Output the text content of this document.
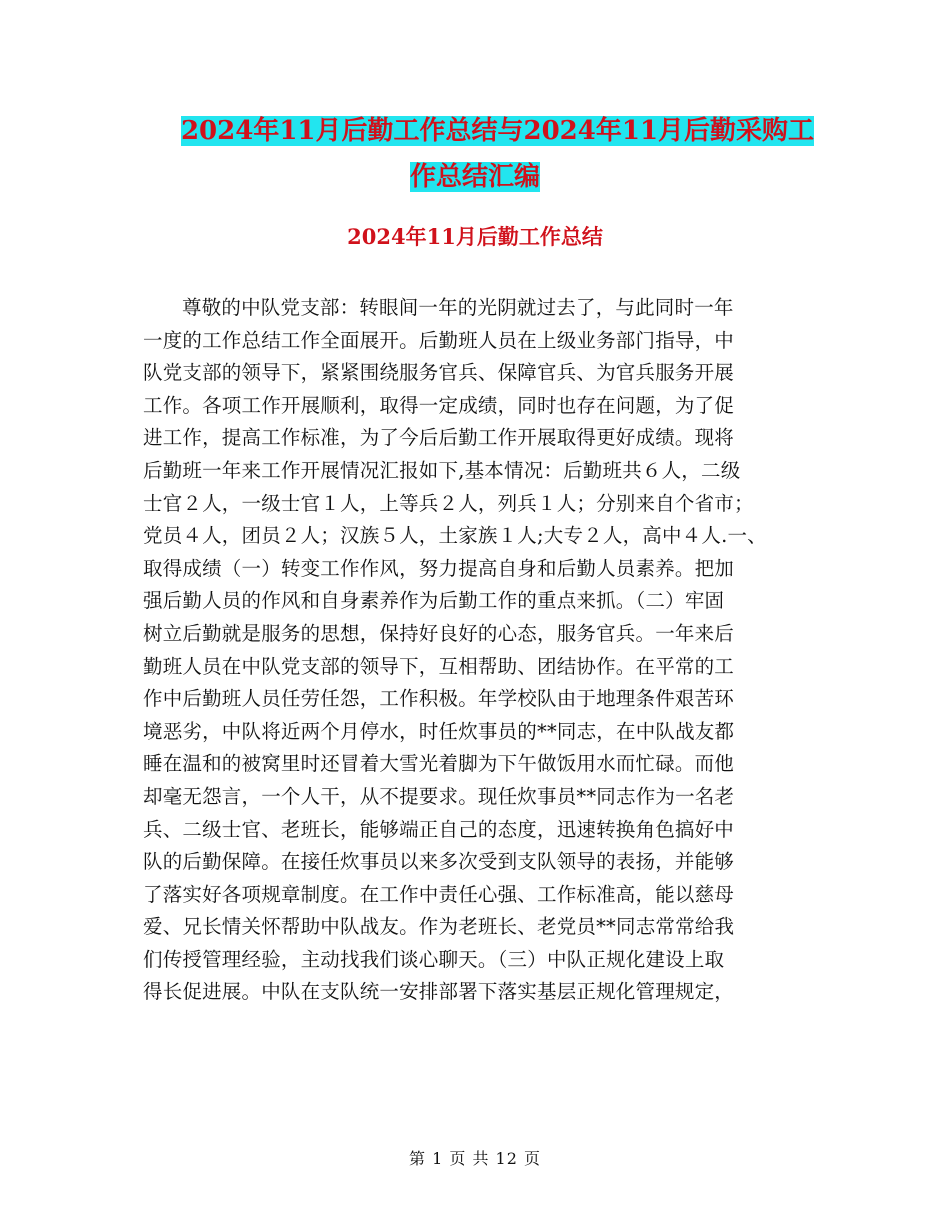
2024年11月后勤工作总结与2024年11月后勤采购工
作总结汇编
2024年11月后勤工作总结
尊敬的中队党支部：转眼间一年的光阴就过去了，与此同时一年
一度的工作总结工作全面展开。后勤班人员在上级业务部门指导，中
队党支部的领导下，紧紧围绕服务官兵、保障官兵、为官兵服务开展
工作。各项工作开展顺利，取得一定成绩，同时也存在问题，为了促
进工作，提高工作标准，为了今后后勤工作开展取得更好成绩。现将
后勤班一年来工作开展情况汇报如下,基本情况：后勤班共６人，二级
士官２人，一级士官１人，上等兵２人，列兵１人；分别来自个省市；
党员４人，团员２人；汉族５人，土家族１人;大专２人，高中４人.一、
取得成绩（一）转变工作作风，努力提高自身和后勤人员素养。把加
强后勤人员的作风和自身素养作为后勤工作的重点来抓。（二）牢固
树立后勤就是服务的思想，保持好良好的心态，服务官兵。一年来后
勤班人员在中队党支部的领导下，互相帮助、团结协作。在平常的工
作中后勤班人员任劳任怨，工作积极。年学校队由于地理条件艰苦环
境恶劣，中队将近两个月停水，时任炊事员的**同志，在中队战友都
睡在温和的被窝里时还冒着大雪光着脚为下午做饭用水而忙碌。而他
却毫无怨言，一个人干，从不提要求。现任炊事员**同志作为一名老
兵、二级士官、老班长，能够端正自己的态度，迅速转换角色搞好中
队的后勤保障。在接任炊事员以来多次受到支队领导的表扬，并能够
了落实好各项规章制度。在工作中责任心强、工作标准高，能以慈母
爱、兄长情关怀帮助中队战友。作为老班长、老党员**同志常常给我
们传授管理经验，主动找我们谈心聊天。（三）中队正规化建设上取
得长促进展。中队在支队统一安排部署下落实基层正规化管理规定，
第 1 页 共 12 页
